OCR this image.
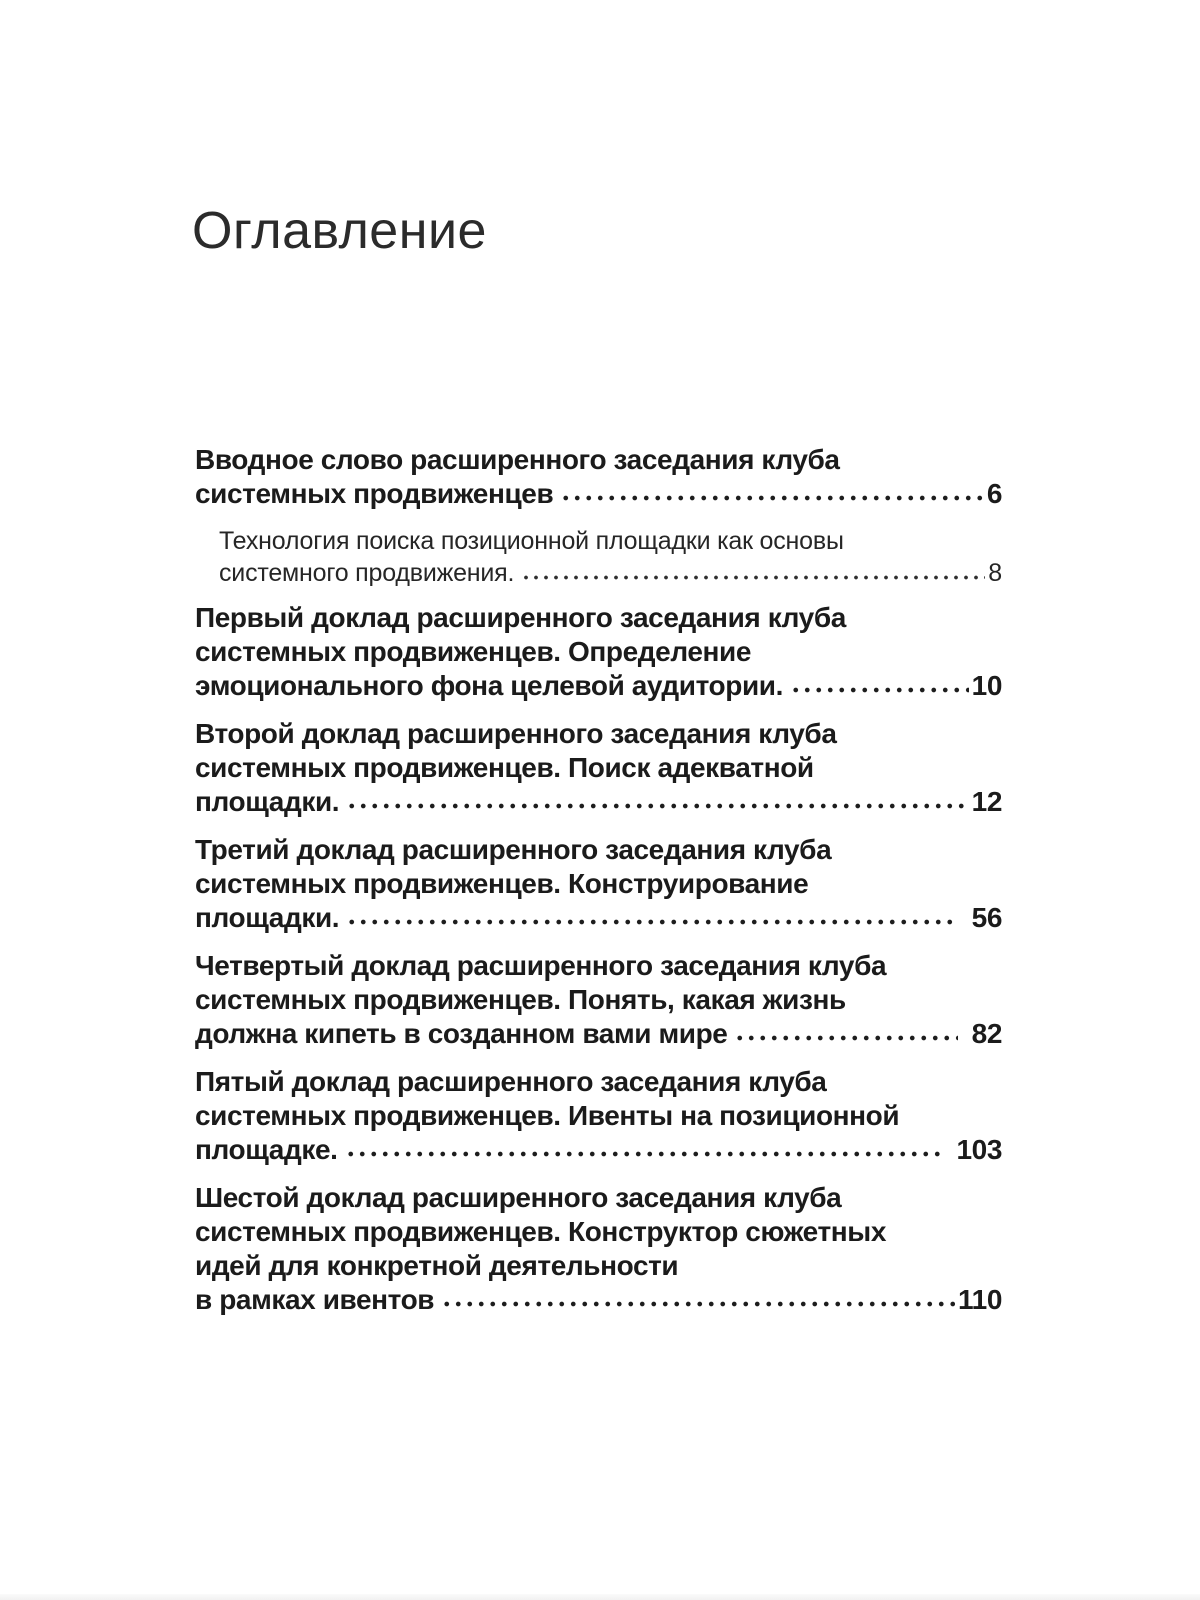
Оглавление
Вводное слово расширенного заседания клуба
системных продвиженцев	6
Технология поиска позиционной площадки как основы
системного продвижения.	8
Первый доклад расширенного заседания клуба
системных продвиженцев. Определение
эмоционального фона целевой аудитории.	10
Второй доклад расширенного заседания клуба
системных продвиженцев. Поиск адекватной
площадки.	12
Третий доклад расширенного заседания клуба
системных продвиженцев. Конструирование
площадки.	56
Четвертый доклад расширенного заседания клуба
системных продвиженцев. Понять, какая жизнь
должна кипеть в созданном вами мире	82
Пятый доклад расширенного заседания клуба
системных продвиженцев. Ивенты на позиционной
площадке.	103
Шестой доклад расширенного заседания клуба
системных продвиженцев. Конструктор сюжетных
идей для конкретной деятельности
в рамках ивентов	110
